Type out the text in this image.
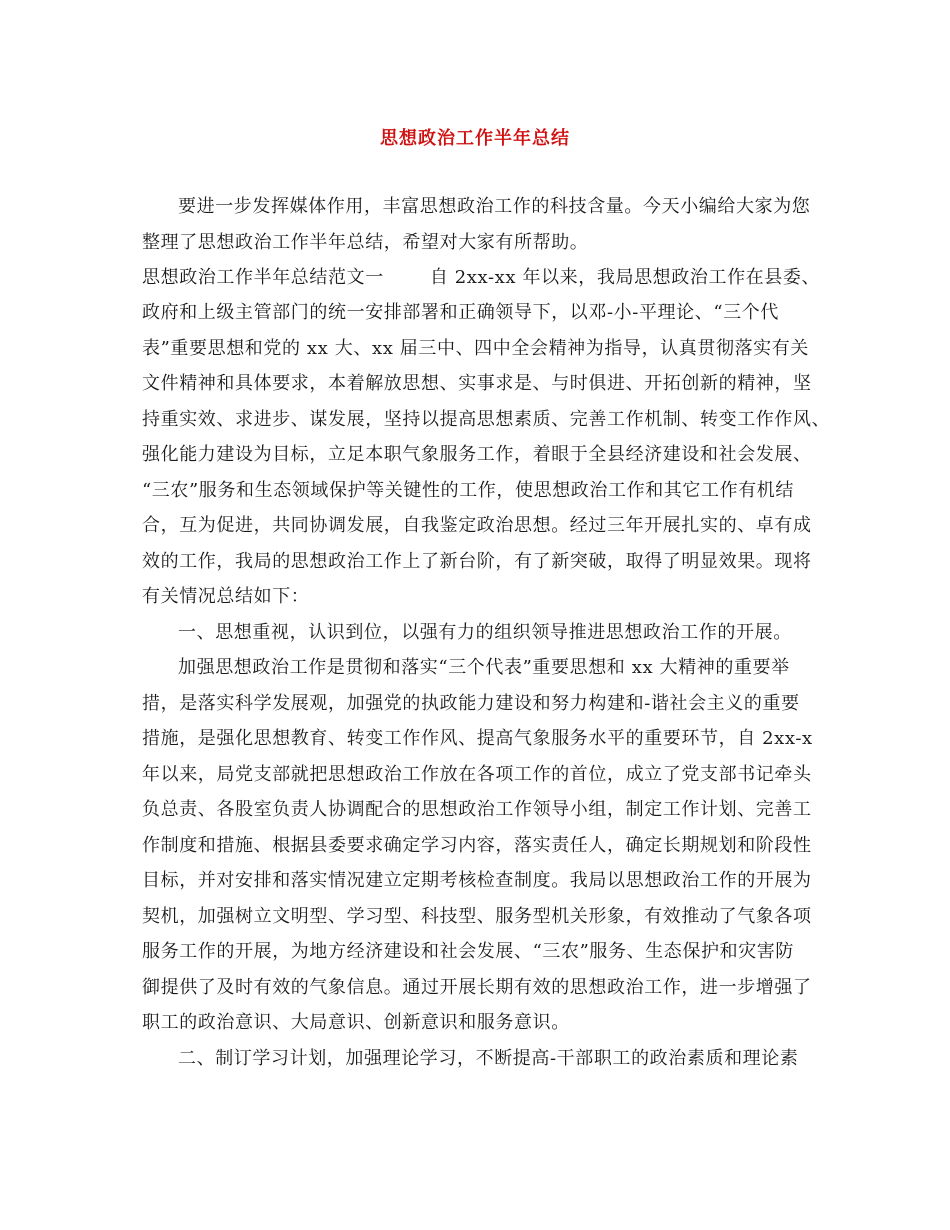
思想政治工作半年总结
要进一步发挥媒体作用，丰富思想政治工作的科技含量。今天小编给大家为您
整理了思想政治工作半年总结，希望对大家有所帮助。
思想政治工作半年总结范文一	自 2xx-xx 年以来，我局思想政治工作在县委、
政府和上级主管部门的统一安排部署和正确领导下，以邓-小-平理论、“三个代
表”重要思想和党的 xx 大、xx 届三中、四中全会精神为指导，认真贯彻落实有关
文件精神和具体要求，本着解放思想、实事求是、与时俱进、开拓创新的精神，坚
持重实效、求进步、谋发展，坚持以提高思想素质、完善工作机制、转变工作作风、
强化能力建设为目标，立足本职气象服务工作，着眼于全县经济建设和社会发展、
“三农”服务和生态领域保护等关键性的工作，使思想政治工作和其它工作有机结
合，互为促进，共同协调发展，自我鉴定政治思想。经过三年开展扎实的、卓有成
效的工作，我局的思想政治工作上了新台阶，有了新突破，取得了明显效果。现将
有关情况总结如下：
一、思想重视，认识到位，以强有力的组织领导推进思想政治工作的开展。
加强思想政治工作是贯彻和落实“三个代表”重要思想和 xx 大精神的重要举
措，是落实科学发展观，加强党的执政能力建设和努力构建和-谐社会主义的重要
措施，是强化思想教育、转变工作作风、提高气象服务水平的重要环节，自 2xx-x
年以来，局党支部就把思想政治工作放在各项工作的首位，成立了党支部书记牵头
负总责、各股室负责人协调配合的思想政治工作领导小组，制定工作计划、完善工
作制度和措施、根据县委要求确定学习内容，落实责任人，确定长期规划和阶段性
目标，并对安排和落实情况建立定期考核检查制度。我局以思想政治工作的开展为
契机，加强树立文明型、学习型、科技型、服务型机关形象，有效推动了气象各项
服务工作的开展，为地方经济建设和社会发展、“三农”服务、生态保护和灾害防
御提供了及时有效的气象信息。通过开展长期有效的思想政治工作，进一步增强了
职工的政治意识、大局意识、创新意识和服务意识。
二、制订学习计划，加强理论学习，不断提高-干部职工的政治素质和理论素
